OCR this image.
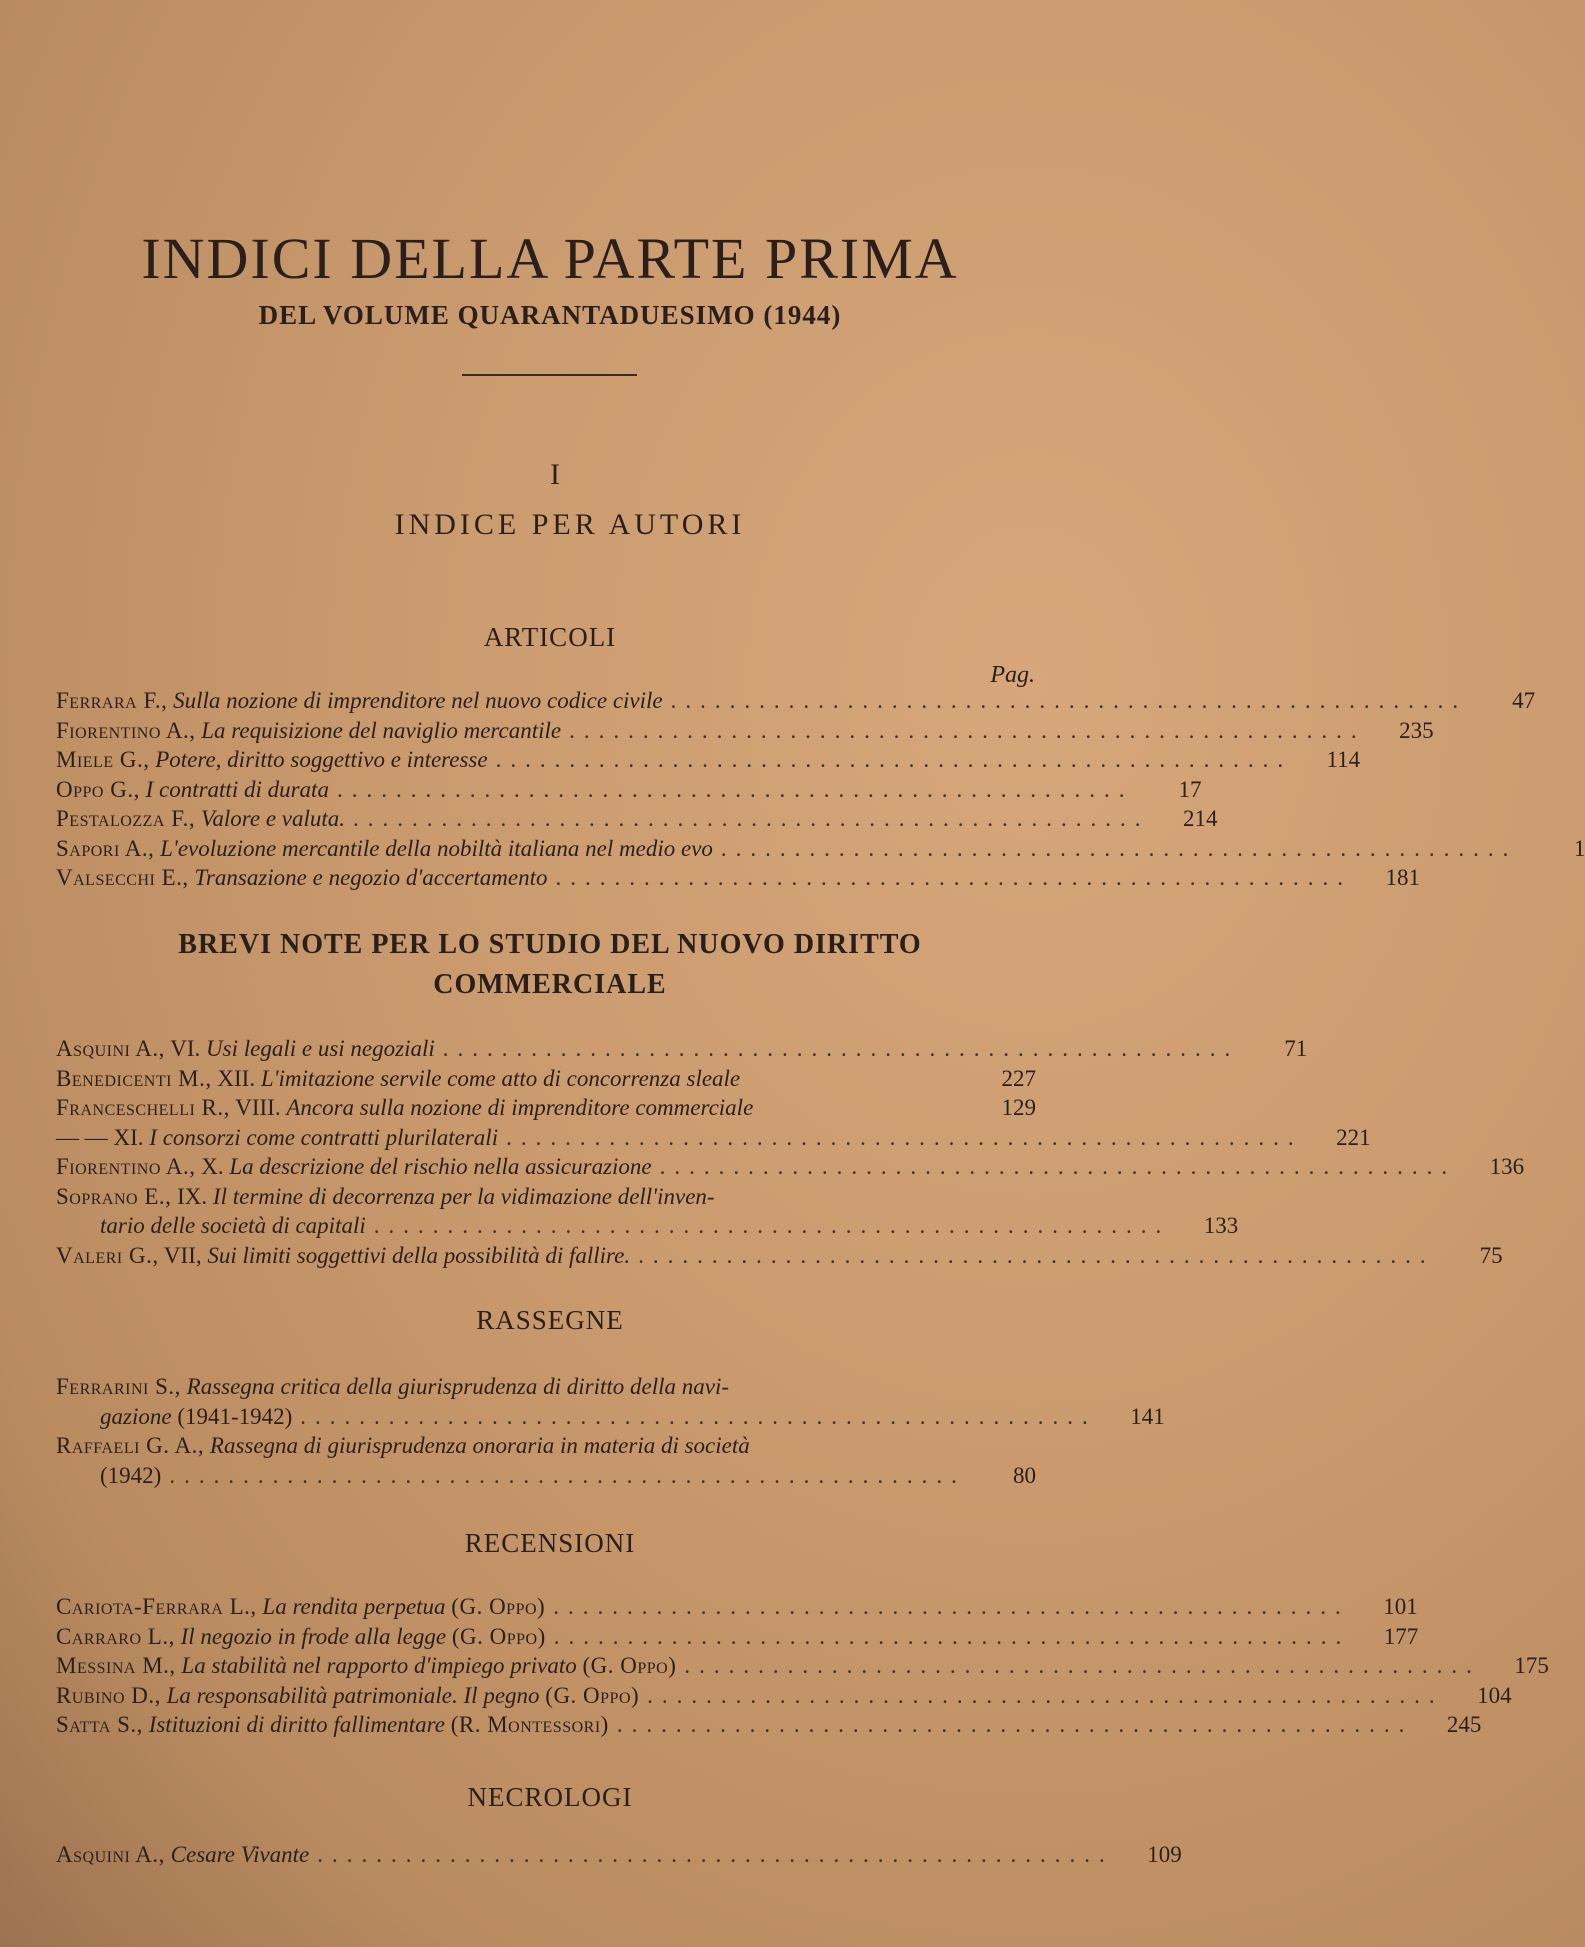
INDICI DELLA PARTE PRIMA
DEL VOLUME QUARANTADUESIMO (1944)
I
INDICE PER AUTORI
ARTICOLI
Pag.
Ferrara F., Sulla nozione di imprenditore nel nuovo codice civile ......................................................	47
Fiorentino A., La requisizione del naviglio mercantile ......................................................	235
Miele G., Potere, diritto soggettivo e interesse ......................................................	114
Oppo G., I contratti di durata ......................................................	17
Pestalozza F., Valore e valuta. ......................................................	214
Sapori A., L'evoluzione mercantile della nobiltà italiana nel medio evo ......................................................	1
Valsecchi E., Transazione e negozio d'accertamento ......................................................	181
BREVI NOTE PER LO STUDIO DEL NUOVO DIRITTO
COMMERCIALE
Asquini A., VI. Usi legali e usi negoziali ......................................................	71
Benedicenti M., XII. L'imitazione servile come atto di concorrenza sleale	227
Franceschelli R., VIII. Ancora sulla nozione di imprenditore commerciale	129
— — XI. I consorzi come contratti plurilaterali ......................................................	221
Fiorentino A., X. La descrizione del rischio nella assicurazione ......................................................	136
Soprano E., IX. Il termine di decorrenza per la vidimazione dell'inven-
tario delle società di capitali ......................................................	133
Valeri G., VII, Sui limiti soggettivi della possibilità di fallire. ......................................................	75
RASSEGNE
Ferrarini S., Rassegna critica della giurisprudenza di diritto della navi-
gazione (1941-1942) ......................................................	141
Raffaeli G. A., Rassegna di giurisprudenza onoraria in materia di società
(1942) ......................................................	80
RECENSIONI
Cariota-Ferrara L., La rendita perpetua (G. Oppo) ......................................................	101
Carraro L., Il negozio in frode alla legge (G. Oppo) ......................................................	177
Messina M., La stabilità nel rapporto d'impiego privato (G. Oppo) ......................................................	175
Rubino D., La responsabilità patrimoniale. Il pegno (G. Oppo) ......................................................	104
Satta S., Istituzioni di diritto fallimentare (R. Montessori) ......................................................	245
NECROLOGI
Asquini A., Cesare Vivante ......................................................	109
